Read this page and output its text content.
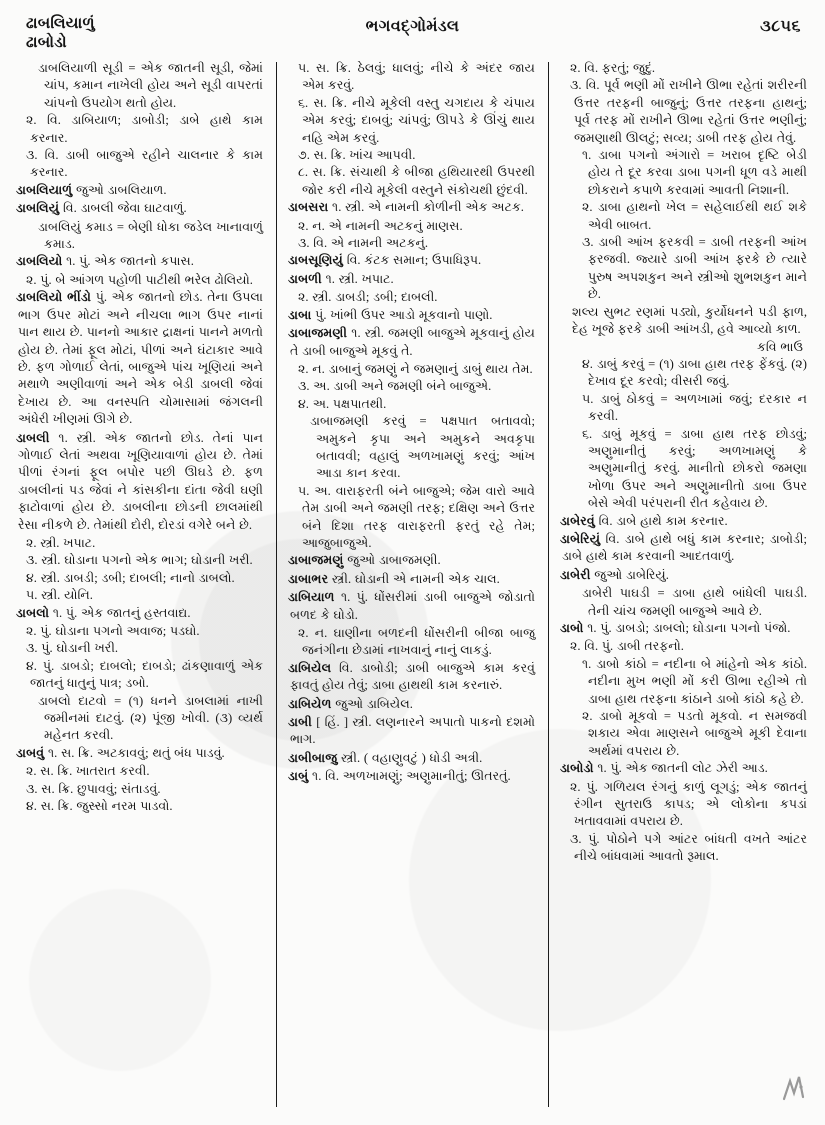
ઢાબલિયાળું
ઢાબોડો
ભગવદ્ગોમંડલ	૩૮૫૬

ડાબલિયાળી સૂડી = એક જાતની સૂડી, જેમાં ચાંપ, કમાન નાખેલી હોય અને સૂડી વાપરતાં ચાંપનો ઉપયોગ થતો હોય.

૨. વિ. ડાબિયાળ; ડાબોડી; ડાબે હાથે કામ કરનાર.

૩. વિ. ડાબી બાજુએ રહીને ચાલનાર કે કામ કરનાર.

ડાબલિયાળું જુઓ ડાબલિયાળ.

ડાબલિયું વિ. ડાબલી જેવા ઘાટવાળું.

ડાબલિયું કમાડ = બેણી ધોકા જડેલ ખાનાવાળું કમાડ.

ડાબલિયો ૧. પું. એક જાતનો કપાસ.

૨. પું. બે આંગળ પહોળી પાટીથી ભરેલ ઢોલિયો.

ડાબલિયો ભીંડો પું. એક જાતનો છોડ. તેના ઉપલા ભાગ ઉપર મોટાં અને નીચલા ભાગ ઉપર નાનાં પાન થાય છે. પાનનો આકાર દ્રાક્ષનાં પાનને મળતો હોય છે. તેમાં ફૂલ મોટાં, પીળાં અને ઘંટાકાર આવે છે. ફળ ગોળાઈ લેતાં, બાજુએ પાંચ ખૂણિયાં અને મથાળે અણીવાળાં અને એક બેડી ડાબલી જેવાં દેખાય છે. આ વનસ્પતિ ચોમાસામાં જંગલની અંધેરી ખીણમાં ઊગે છે.

ડાબલી ૧. સ્ત્રી. એક જાતનો છોડ. તેનાં પાન ગોળાઈ લેતાં અથવા ખૂણિયાવાળાં હોય છે. તેમાં પીળાં રંગનાં ફૂલ બપોર પછી ઊઘડે છે. ફળ ડાબલીનાં પડ જેવાં ને કાંસકીના દાંતા જેવી ઘણી ફાટોવાળાં હોય છે. ડાબલીના છોડની છાલમાંથી રેસા નીકળે છે. તેમાંથી દોરી, દોરડાં વગેરે બને છે.

૨. સ્ત્રી. ખપાટ.

૩. સ્ત્રી. ઘોડાના પગનો એક ભાગ; ઘોડાની ખરી.

૪. સ્ત્રી. ડાબડી; ડબી; દાબલી; નાનો ડાબલો.

૫. સ્ત્રી. યોનિ.

ડાબલો ૧. પું. એક જાતનું હસ્તવાદ્ય.

૨. પું. ઘોડાના પગનો અવાજ; પડઘો.

૩. પું. ઘોડાની ખરી.

૪. પું. ડાબડો; દાબલો; દાબડો; ઢાંકણાવાળું એક જાતનું ધાતુનું પાત્ર; ડબો.

ડાબલો દાટવો = (૧) ધનને ડાબલામાં નાખી જમીનમાં દાટવું. (૨) પૂંજી ખોવી. (૩) વ્યર્થ મહેનત કરવી.

ડાબવું ૧. સ. ક્રિ. અટકાવવું; થતું બંધ પાડવું.

૨. સ. ક્રિ. ખાતરાત કરવી.

૩. સ. ક્રિ. છુપાવવું; સંતાડવું.

૪. સ. ક્રિ. જુસ્સો નરમ પાડવો.

૫. સ. ક્રિ. ઠેલવું; ધાલવું; નીચે કે અંદર જાય એમ કરવું.

૬. સ. ક્રિ. નીચે મૂકેલી વસ્તુ ચગદાય કે ચંપાય એમ કરવું; દાબવું; ચાંપવું; ઊપડે કે ઊંચું થાય નહિ એમ કરવું.

૭. સ. ક્રિ. ખાંચ આપવી.

૮. સ. ક્રિ. સંચાથી કે બીજા હથિયારથી ઉપરથી જોર કરી નીચે મૂકેલી વસ્તુને સંકોચથી છુંદવી.

ડાબસરા ૧. સ્ત્રી. એ નામની કોળીની એક અટક.

૨. ન. એ નામની અટકનું માણસ.

૩. વિ. એ નામની અટકનું.

ડાબસૂણિયું વિ. કંટક સમાન; ઉપાધિરૂપ.

ડાબળી ૧. સ્ત્રી. ખપાટ.

૨. સ્ત્રી. ડાબડી; ડબી; દાબલી.

ડાબા પું. ખાંભી ઉપર આડો મૂકવાનો પાણો.

ડાબાજમણી ૧. સ્ત્રી. જમણી બાજુએ મૂકવાનું હોય તે ડાબી બાજુએ મૂકવું તે.

૨. ન. ડાબાનું જમણું ને જમણાનું ડાબું થાય તેમ.

૩. અ. ડાબી અને જમણી બંને બાજુએ.

૪. અ. પક્ષપાતથી.

ડાબાજમણી કરવું = પક્ષપાત બતાવવો; અમુકને કૃપા અને અમુકને અવકૃપા બતાવવી; વહાલું અળખામણું કરવું; આંખ આડા કાન કરવા.

૫. અ. વારાફરતી બંને બાજુએ; જેમ વારો આવે તેમ ડાબી અને જમણી તરફ; દક્ષિણ અને ઉત્તર બંને દિશા તરફ વારાફરતી ફરતું રહે તેમ; આજુબાજુએ.

ડાબાજમણું જુઓ ડાબાજમણી.

ડાબાભર સ્ત્રી. ઘોડાની એ નામની એક ચાલ.

ડાબિયાળ ૧. પું. ધોંસરીમાં ડાબી બાજુએ જોડાતો બળદ કે ઘોડો.

૨. ન. ઘાણીના બળદની ધોંસરીની બીજા બાજુ જનંગીના છેડામાં નાખવાનું નાનું લાકડું.

ડાબિયેલ વિ. ડાબોડી; ડાબી બાજુએ કામ કરવું ફાવતું હોય તેવું; ડાબા હાથથી કામ કરનારું.

ડાબિયેળ જુઓ ડાબિયેલ.

ડાબી [ હિં. ] સ્ત્રી. લણનારને અપાતો પાકનો દશમો ભાગ.

ડાબીબાજુ સ્ત્રી. ( વહાણુવટું ) ધોડી અત્રી.

ડાબું ૧. વિ. અળખામણું; અણુમાનીતું; ઊતરતું.

૨. વિ. ફરતું; જુદું.

૩. વિ. પૂર્વ ભણી મોં રાખીને ઊભા રહેતાં શરીરની ઉત્તર તરફની બાજુનું; ઉત્તર તરફના હાથનું; પૂર્વ તરફ મોં રાખીને ઊભા રહેતાં ઉત્તર ભણીનું; જમણાથી ઊલટું; સવ્ય; ડાબી તરફ હોય તેવું.

૧. ડાબા પગનો અંગારો = ખરાબ દૃષ્ટિ બેડી હોય તે દૂર કરવા ડાબા પગની ધૂળ વડે માથી છોકરાને કપાળે કરવામાં આવતી નિશાની.

૨. ડાબા હાથનો ખેલ = સહેલાઈથી થઈ શકે એવી બાબત.

૩. ડાબી આંખ ફરકવી = ડાબી તરફની આંખ ફરજવી. જ્યારે ડાબી આંખ ફરકે છે ત્યારે પુરુષ અપશકુન અને સ્ત્રીઓ શુભશકુન માને છે.

શલ્ય સુભટ રણમાં પડ્યો, કુર્યોધનને પડી ફાળ, દેહ ખૂજે ફરકે ડાબી આંખડી, હવે આવ્યો કાળ.

કવિ ભાઉ

૪. ડાબું કરવું = (૧) ડાબા હાથ તરફ ફેંકવું. (૨) દેખાવ દૂર કરવો; વીસરી જવું.

૫. ડાબું ઠોકવું = અળખામાં જવું; દરકાર ન કરવી.

૬. ડાબું મૂકવું = ડાબા હાથ તરફ છોડવું; અણુમાનીતું કરવું; અળખામણું કે અણુમાનીતું કરવું. માનીતો છોકરો જમણા ખોળા ઉપર અને અણુમાનીતો ડાબા ઉપર બેસે એવી પરંપરાની રીત કહેવાય છે.

ડાબેરવું વિ. ડાબે હાથે કામ કરનાર.

ડાબેરિયું વિ. ડાબે હાથે બધું કામ કરનાર; ડાબોડી; ડાબે હાથે કામ કરવાની આદતવાળું.

ડાબેરી જુઓ ડાબેરિયું.

ડાબેરી પાઘડી = ડાબા હાથે બાંધેલી પાઘડી. તેની ચાંચ જમણી બાજુએ આવે છે.

ડાબો ૧. પું. ડાબડો; ડાબલો; ઘોડાના પગનો પંજો.

૨. વિ. પું. ડાબી તરફનો.

૧. ડાબો કાંઠો = નદીના બે માંહેનો એક કાંઠો. નદીના મુખ ભણી મોં કરી ઊભા રહીએ તો ડાબા હાથ તરફના કાંઠાને ડાબો કાંઠો કહે છે.

૨. ડાબો મૂકવો = પડતો મૂકવો. ન સમજવી શકાય એવા માણસને બાજુએ મૂકી દેવાના અર્થમાં વપરાય છે.

ડાબોડો ૧. પું. એક જાતની લોટ ઝેરી આડ.

૨. પું. ગળિયલ રંગનું કાળું લૂગડું; એક જાતનું રંગીન સુતરાઉ કાપડ; એ લોકોના કપડાં ખતાવવામાં વપરાય છે.

૩. પું. પોઠોને પગે આંટર બાંધતી વખતે આંટર નીચે બાંધવામાં આવતો રૂમાલ.
